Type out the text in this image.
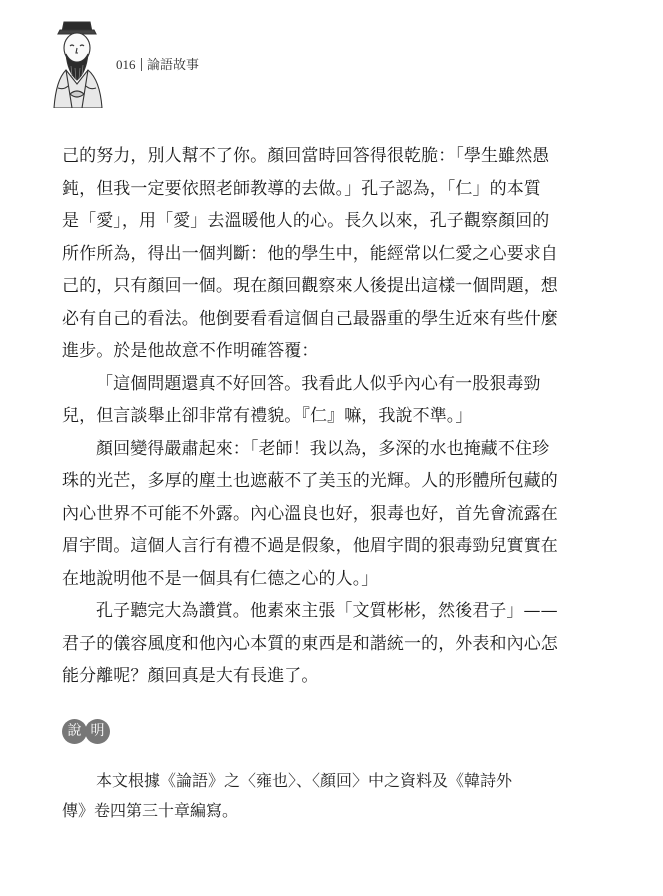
016 論語故事

己的努力，別人幫不了你。顏回當時回答得很乾脆：「學生雖然愚
鈍，但我一定要依照老師教導的去做。」孔子認為，「仁」的本質
是「愛」，用「愛」去溫暖他人的心。長久以來，孔子觀察顏回的
所作所為，得出一個判斷：他的學生中，能經常以仁愛之心要求自
己的，只有顏回一個。現在顏回觀察來人後提出這樣一個問題，想
必有自己的看法。他倒要看看這個自己最器重的學生近來有些什麼
進步。於是他故意不作明確答覆：

「這個問題還真不好回答。我看此人似乎內心有一股狠毒勁
兒，但言談舉止卻非常有禮貌。『仁』嘛，我說不準。」

顏回變得嚴肅起來：「老師！我以為，多深的水也掩藏不住珍
珠的光芒，多厚的塵土也遮蔽不了美玉的光輝。人的形體所包藏的
內心世界不可能不外露。內心溫良也好，狠毒也好，首先會流露在
眉宇間。這個人言行有禮不過是假象，他眉宇間的狠毒勁兒實實在
在地說明他不是一個具有仁德之心的人。」

孔子聽完大為讚賞。他素來主張「文質彬彬，然後君子」——
君子的儀容風度和他內心本質的東西是和諧統一的，外表和內心怎
能分離呢？顏回真是大有長進了。

說 明
本文根據《論語》之〈雍也〉、〈顏回〉中之資料及《韓詩外
傳》卷四第三十章編寫。
